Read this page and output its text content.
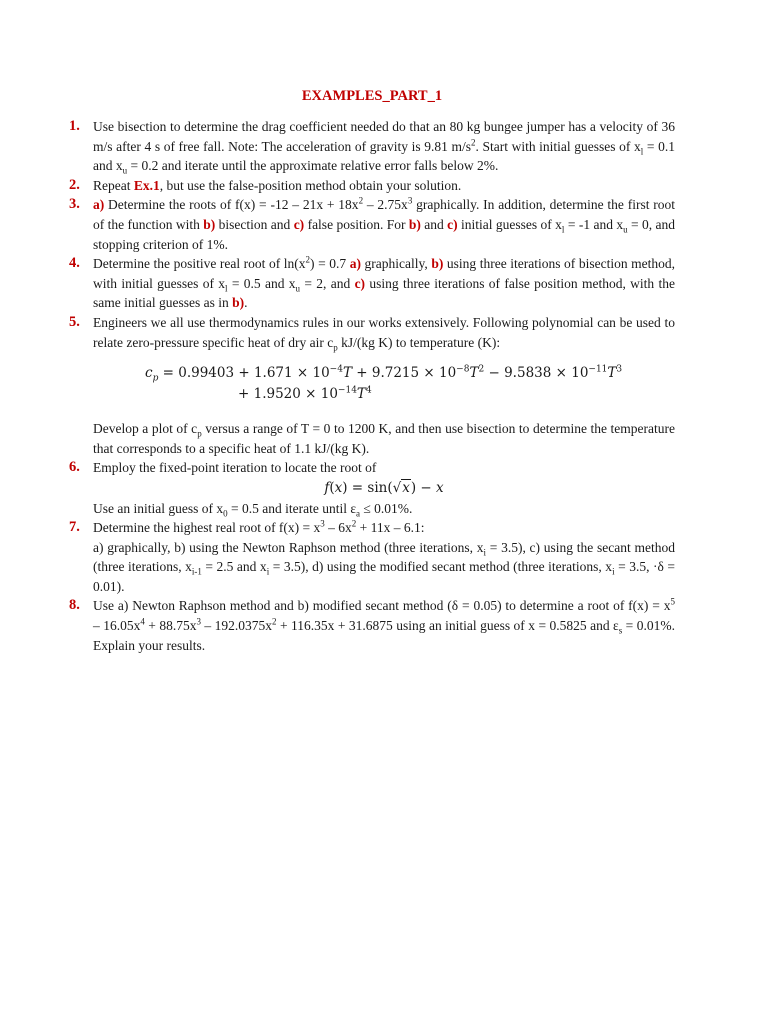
EXAMPLES_PART_1
1. Use bisection to determine the drag coefficient needed do that an 80 kg bungee jumper has a velocity of 36 m/s after 4 s of free fall. Note: The acceleration of gravity is 9.81 $m/s^2$. Start with initial guesses of $x_l = 0.1$ and $x_u = 0.2$ and iterate until the approximate relative error falls below 2%.
2. Repeat Ex.1, but use the false-position method obtain your solution.
3. a) Determine the roots of $f(x) = -12 - 21x + 18x^2 - 2.75x^3$ graphically. In addition, determine the first root of the function with b) bisection and c) false position. For b) and c) initial guesses of $x_l = -1$ and $x_u = 0$, and stopping criterion of 1%.
4. Determine the positive real root of $\ln(x^2) = 0.7$ a) graphically, b) using three iterations of bisection method, with initial guesses of $x_l = 0.5$ and $x_u = 2$, and c) using three iterations of false position method, with the same initial guesses as in b).
5. Engineers we all use thermodynamics rules in our works extensively. Following polynomial can be used to relate zero-pressure specific heat of dry air $c_p$ kJ/(kg K) to temperature (K):
$c_p = 0.99403 + 1.671 \times 10^{-4}T + 9.7215 \times 10^{-8}T^2 - 9.5838 \times 10^{-11}T^3$
+ $1.9520 \times 10^{-14}T^4$
Develop a plot of $c_p$ versus a range of T = 0 to 1200 K, and then use bisection to determine the temperature that corresponds to a specific heat of 1.1 kJ/(kg K).
6. Employ the fixed-point iteration to locate the root of
f(x) = sin(√x) − x
Use an initial guess of $x_0 = 0.5$ and iterate until $\varepsilon_a \le 0.01\%$.
7. Determine the highest real root of $f(x) = x^3 - 6x^2 + 11x - 6.1$:
a) graphically, b) using the Newton Raphson method (three iterations, $x_i = 3.5$), c) using the secant method (three iterations, $x_{i-1} = 2.5$ and $x_i = 3.5$), d) using the modified secant method (three iterations, $x_i = 3.5$, ·δ = 0.01).
8. Use a) Newton Raphson method and b) modified secant method (δ = 0.05) to determine a root of $f(x) = x^5 - 16.05x^4 + 88.75x^3 - 192.0375x^2 + 116.35x + 31.6875$ using an initial guess of x = 0.5825 and $\varepsilon_s = 0.01\%$. Explain your results.
